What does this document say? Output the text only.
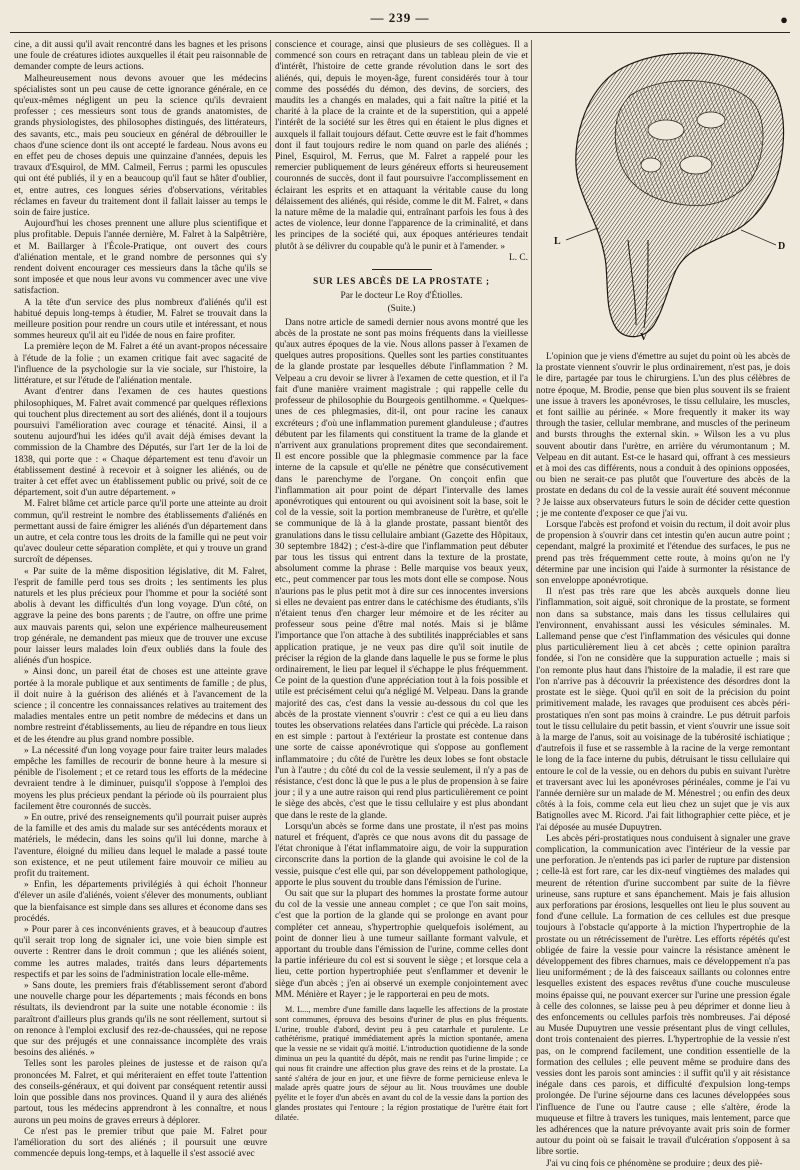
— 239 —	●

cine, a dit aussi qu'il avait rencontré dans les bagnes et les prisons une foule de créatures idiotes auxquelles il était peu raisonnable de demander compte de leurs actions.

Malheureusement nous devons avouer que les médecins spécialistes sont un peu cause de cette ignorance générale, en ce qu'eux-mêmes négligent un peu la science qu'ils devraient professer ; ces messieurs sont tous de grands anatomistes, de grands physiologistes, des philosophes distingués, des littérateurs, des savants, etc., mais peu soucieux en général de débrouiller le chaos d'une science dont ils ont accepté le fardeau. Nous avons eu en effet peu de choses depuis une quinzaine d'années, depuis les travaux d'Esquirol, de MM. Calmeil, Ferrus ; parmi les opuscules qui ont été publiés, il y en a beaucoup qu'il faut se hâter d'oublier, et, entre autres, ces longues séries d'observations, véritables réclames en faveur du traitement dont il fallait laisser au temps le soin de faire justice.

Aujourd'hui les choses prennent une allure plus scientifique et plus profitable. Depuis l'année dernière, M. Falret à la Salpêtrière, et M. Baillarger à l'École-Pratique, ont ouvert des cours d'aliénation mentale, et le grand nombre de personnes qui s'y rendent doivent encourager ces messieurs dans la tâche qu'ils se sont imposée et que nous leur avons vu commencer avec une vive satisfaction.

A la tête d'un service des plus nombreux d'aliénés qu'il est habitué depuis long-temps à étudier, M. Falret se trouvait dans la meilleure position pour rendre un cours utile et intéressant, et nous sommes heureux qu'il ait eu l'idée de nous en faire profiter.

La première leçon de M. Falret a été un avant-propos nécessaire à l'étude de la folie ; un examen critique fait avec sagacité de l'influence de la psychologie sur la vie sociale, sur l'histoire, la littérature, et sur l'étude de l'aliénation mentale.

Avant d'entrer dans l'examen de ces hautes questions philosophiques, M. Falret avait commencé par quelques réflexions qui touchent plus directement au sort des aliénés, dont il a toujours poursuivi l'amélioration avec courage et ténacité. Ainsi, il a soutenu aujourd'hui les idées qu'il avait déjà émises devant la commission de la Chambre des Députés, sur l'art 1er de la loi de 1838, qui porte que : « Chaque département est tenu d'avoir un établissement destiné à recevoir et à soigner les aliénés, ou de traiter à cet effet avec un établissement public ou privé, soit de ce département, soit d'un autre département. »

M. Falret blâme cet article parce qu'il porte une atteinte au droit commun, qu'il restreint le nombre des établissements d'aliénés en permettant aussi de faire émigrer les aliénés d'un département dans un autre, et cela contre tous les droits de la famille qui ne peut voir qu'avec douleur cette séparation complète, et qui y trouve un grand surcroît de dépenses.

« Par suite de la même disposition législative, dit M. Falret, l'esprit de famille perd tous ses droits ; les sentiments les plus naturels et les plus précieux pour l'homme et pour la société sont abolis à devant les difficultés d'un long voyage. D'un côté, on aggrave la peine des bons parents ; de l'autre, on offre une prime aux mauvais parents qui, selon une expérience malheureusement trop générale, ne demandent pas mieux que de trouver une excuse pour laisser leurs malades loin d'eux oubliés dans la foule des aliénés d'un hospice.

» Ainsi donc, un pareil état de choses est une atteinte grave portée à la morale publique et aux sentiments de famille ; de plus, il doit nuire à la guérison des aliénés et à l'avancement de la science ; il concentre les connaissances relatives au traitement des maladies mentales entre un petit nombre de médecins et dans un nombre restreint d'établissements, au lieu de répandre en tous lieux et de les étendre au plus grand nombre possible.

» La nécessité d'un long voyage pour faire traiter leurs malades empêche les familles de recourir de bonne heure à la mesure si pénible de l'isolement ; et ce retard tous les efforts de la médecine devraient tendre à le diminuer, puisqu'il s'oppose à l'emploi des moyens les plus précieux pendant la période où ils pourraient plus facilement être couronnés de succès.

» En outre, privé des renseignements qu'il pourrait puiser auprès de la famille et des amis du malade sur ses antécédents moraux et matériels, le médecin, dans les soins qu'il lui donne, marche à l'aventure, éloigné du milieu dans lequel le malade a passé toute son existence, et ne peut utilement faire mouvoir ce milieu au profit du traitement.

» Enfin, les départements privilégiés à qui échoit l'honneur d'élever un asile d'aliénés, voient s'élever des monuments, oubliant que la bienfaisance est simple dans ses allures et économe dans ses procédés.

» Pour parer à ces inconvénients graves, et à beaucoup d'autres qu'il serait trop long de signaler ici, une voie bien simple est ouverte : Rentrer dans le droit commun ; que les aliénés soient, comme les autres malades, traités dans leurs départements respectifs et par les soins de l'administration locale elle-même.

» Sans doute, les premiers frais d'établissement seront d'abord une nouvelle charge pour les départements ; mais féconds en bons résultats, ils deviendront par la suite une notable économie : ils paraîtront d'ailleurs plus grands qu'ils ne sont réellement, surtout si on renonce à l'emploi exclusif des rez-de-chaussées, qui ne repose que sur des préjugés et une connaissance incomplète des vrais besoins des aliénés. »

Telles sont les paroles pleines de justesse et de raison qu'a prononcées M. Falret, et qui mériteraient en effet toute l'attention des conseils-généraux, et qui doivent par conséquent retentir aussi loin que possible dans nos provinces. Quand il y aura des aliénés partout, tous les médecins apprendront à les connaître, et nous aurons un peu moins de graves erreurs à déplorer.

Ce n'est pas le premier tribut que paie M. Falret pour l'amélioration du sort des aliénés ; il poursuit une œuvre commencée depuis long-temps, et à laquelle il s'est associé avec

conscience et courage, ainsi que plusieurs de ses collègues. Il a commencé son cours en retraçant dans un tableau plein de vie et d'intérêt, l'histoire de cette grande révolution dans le sort des aliénés, qui, depuis le moyen-âge, furent considérés tour à tour comme des possédés du démon, des devins, de sorciers, des maudits les a changés en malades, qui a fait naître la pitié et la charité à la place de la crainte et de la superstition, qui a appelé l'intérêt de la société sur les êtres qui en étaient le plus dignes et auxquels il fallait toujours défaut. Cette œuvre est le fait d'hommes dont il faut toujours redire le nom quand on parle des aliénés ; Pinel, Esquirol, M. Ferrus, que M. Falret a rappelé pour les remercier publiquement de leurs généreux efforts si heureusement couronnés de succès, dont il faut poursuivre l'accomplissement en éclairant les esprits et en attaquant la véritable cause du long délaissement des aliénés, qui réside, comme le dit M. Falret, « dans la nature même de la maladie qui, entraînant parfois les fous à des actes de violence, leur donne l'apparence de la criminalité, et dans les principes de la société qui, aux époques antérieures tendait plutôt à se délivrer du coupable qu'à le punir et à l'amender. »

L. C.
SUR LES ABCÈS DE LA PROSTATE ;
Par le docteur Le Roy d'Étiolles.
(Suite.)

Dans notre article de samedi dernier nous avons montré que les abcès de la prostate ne sont pas moins fréquents dans la vieillesse qu'aux autres époques de la vie. Nous allons passer à l'examen de quelques autres propositions. Quelles sont les parties constituantes de la glande prostate par lesquelles débute l'inflammation ? M. Velpeau a cru devoir se livrer à l'examen de cette question, et il l'a fait d'une manière vraiment magistrale ; qui rappelle celle du professeur de philosophie du Bourgeois gentilhomme. « Quelques-unes de ces phlegmasies, dit-il, ont pour racine les canaux excréteurs ; d'où une inflammation purement glanduleuse ; d'autres débutent par les filaments qui constituent la trame de la glande et n'arrivent aux granulations proprement dites que secondairement. Il est encore possible que la phlegmasie commence par la face interne de la capsule et qu'elle ne pénètre que consécutivement dans le parenchyme de l'organe. On conçoit enfin que l'inflammation ait pour point de départ l'intervalle des lames aponévrotiques qui entourent ou qui avoisinent soit la base, soit le col de la vessie, soit la portion membraneuse de l'urètre, et qu'elle se communique de là à la glande prostate, passant bientôt des granulations dans le tissu cellulaire ambiant (Gazette des Hôpitaux, 30 septembre 1842) ; c'est-à-dire que l'inflammation peut débuter par tous les tissus qui entrent dans la texture de la prostate, absolument comme la phrase : Belle marquise vos beaux yeux, etc., peut commencer par tous les mots dont elle se compose. Nous n'aurions pas le plus petit mot à dire sur ces innocentes inversions si elles ne devaient pas entrer dans le catéchisme des étudiants, s'ils n'étaient tenus d'en charger leur mémoire et de les réciter au professeur sous peine d'être mal notés. Mais si je blâme l'importance que l'on attache à des subtilités inappréciables et sans application pratique, je ne veux pas dire qu'il soit inutile de préciser la région de la glande dans laquelle le pus se forme le plus ordinairement, le lieu par lequel il s'échappe le plus fréquemment. Ce point de la question d'une appréciation tout à la fois possible et utile est précisément celui qu'a négligé M. Velpeau. Dans la grande majorité des cas, c'est dans la vessie au-dessous du col que les abcès de la prostate viennent s'ouvrir : c'est ce qui a eu lieu dans toutes les observations relatées dans l'article qui précède. La raison en est simple : partout à l'extérieur la prostate est contenue dans une sorte de caisse aponévrotique qui s'oppose au gonflement inflammatoire ; du côté de l'urètre les deux lobes se font obstacle l'un à l'autre ; du côté du col de la vessie seulement, il n'y a pas de résistance, c'est donc là que le pus a le plus de propension à se faire jour ; il y a une autre raison qui rend plus particulièrement ce point le siège des abcès, c'est que le tissu cellulaire y est plus abondant que dans le reste de la glande.

Lorsqu'un abcès se forme dans une prostate, il n'est pas moins naturel et fréquent, d'après ce que nous avons dit du passage de l'état chronique à l'état inflammatoire aigu, de voir la suppuration circonscrite dans la portion de la glande qui avoisine le col de la vessie, puisque c'est elle qui, par son développement pathologique, apporte le plus souvent du trouble dans l'émission de l'urine.

Ou sait que sur la plupart des hommes la prostate forme autour du col de la vessie une anneau complet ; ce que l'on sait moins, c'est que la portion de la glande qui se prolonge en avant pour compléter cet anneau, s'hypertrophie quelquefois isolément, au point de donner lieu à une tumeur saillante formant valvule, et apportant du trouble dans l'émission de l'urine, comme celles dont la partie inférieure du col est si souvent le siège ; et lorsque cela a lieu, cette portion hypertrophiée peut s'enflammer et devenir le siège d'un abcès ; j'en ai observé un exemple conjointement avec MM. Ménière et Rayer ; je le rapporterai en peu de mots.

M. L..., membre d'une famille dans laquelle les affections de la prostate sont communes, éprouva des besoins d'uriner de plus en plus fréquents. L'urine, trouble d'abord, devint peu à peu catarrhale et purulente. Le cathétérisme, pratiqué immédiatement après la miction spontanée, amena que la vessie ne se vidait qu'à moitié. L'introduction quotidienne de la sonde diminua un peu la quantité du dépôt, mais ne rendit pas l'urine limpide ; ce qui nous fit craindre une affection plus grave des reins et de la prostate. La santé s'altéra de jour en jour, et une fièvre de forme pernicieuse enleva le malade après quatre jours de séjour au lit. Nous trouvâmes une double pyélite et le foyer d'un abcès en avant du col de la vessie dans la portion des glandes prostates qui l'entoure ; la région prostatique de l'urètre était fort dilatée.
L	D
V

L'opinion que je viens d'émettre au sujet du point où les abcès de la prostate viennent s'ouvrir le plus ordinairement, n'est pas, je dois le dire, partagée par tous le chirurgiens. L'un des plus célèbres de notre époque, M. Brodie, pense que bien plus souvent ils se fraient une issue à travers les aponévroses, le tissu cellulaire, les muscles, et font saillie au périnée. « More frequently it maker its way through the tasier, cellular membrane, and muscles of the perineum and bursts throughs the external skin. » Wilson les a vu plus souvent aboutir dans l'urètre, en arrière du vérumontanum ; M. Velpeau en dit autant. Est-ce le hasard qui, offrant à ces messieurs et à moi des cas différents, nous a conduit à des opinions opposées, ou bien ne serait-ce pas plutôt que l'ouverture des abcès de la prostate en dedans du col de la vessie aurait été souvent méconnue ? Je laisse aux observateurs futurs le soin de décider cette question ; je me contente d'exposer ce que j'ai vu.

Lorsque l'abcès est profond et voisin du rectum, il doit avoir plus de propension à s'ouvrir dans cet intestin qu'en aucun autre point ; cependant, malgré la proximité et l'étendue des surfaces, le pus ne prend pas très fréquemment cette route, à moins qu'on ne l'y détermine par une incision qui l'aide à surmonter la résistance de son enveloppe aponévrotique.

Il n'est pas très rare que les abcès auxquels donne lieu l'inflammation, soit aiguë, soit chronique de la prostate, se forment non dans sa substance, mais dans les tissus cellulaires qui l'environnent, envahissant aussi les vésicules séminales. M. Lallemand pense que c'est l'inflammation des vésicules qui donne plus particulièrement lieu à cet abcès ; cette opinion paraîtra fondée, si l'on ne considère que la suppuration actuelle ; mais si l'on remonte plus haut dans l'histoire de la maladie, il est rare que l'on n'arrive pas à découvrir la préexistence des désordres dont la prostate est le siège. Quoi qu'il en soit de la précision du point primitivement malade, les ravages que produisent ces abcès péri-prostatiques n'en sont pas moins à craindre. Le pus détruit parfois tout le tissu cellulaire du petit bassin, et vient s'ouvrir une issue soit à la marge de l'anus, soit au voisinage de la tubérosité ischiatique ; d'autrefois il fuse et se rassemble à la racine de la verge remontant le long de la face interne du pubis, détruisant le tissu cellulaire qui entoure le col de la vessie, ou en dehors du pubis en suivant l'urètre et traversant avec lui les aponévroses périnéales, comme je l'ai vu l'année dernière sur un malade de M. Ménestrel ; ou enfin des deux côtés à la fois, comme cela eut lieu chez un sujet que je vis aux Batignolles avec M. Ricord. J'ai fait lithographier cette pièce, et je l'ai déposée au musée Dupuytren.

Les abcès péri-prostatiques nous conduisent à signaler une grave complication, la communication avec l'intérieur de la vessie par une perforation. Je n'entends pas ici parler de rupture par distension ; celle-là est fort rare, car les dix-neuf vingtièmes des malades qui meurent de rétention d'urine succombent par suite de la fièvre urineuse, sans rupture et sans épanchement. Mais je fais allusion aux perforations par érosions, lesquelles ont lieu le plus souvent au fond d'une cellule. La formation de ces cellules est due presque toujours à l'obstacle qu'apporte à la miction l'hypertrophie de la prostate ou un rétrécissement de l'urètre. Les efforts répétés qu'est obligée de faire la vessie pour vaincre la résistance amènent le développement des fibres charnues, mais ce développement n'a pas lieu uniformément ; de là des faisceaux saillants ou colonnes entre lesquelles existent des espaces revêtus d'une couche musculeuse moins épaisse qui, ne pouvant exercer sur l'urine une pression égale à celle des colonnes, se laisse peu à peu déprimer et donne lieu à des enfoncements ou cellules parfois très nombreuses. J'ai déposé au Musée Dupuytren une vessie présentant plus de vingt cellules, dont trois contenaient des pierres. L'hypertrophie de la vessie n'est pas, on le comprend facilement, une condition essentielle de la formation des cellules ; elle peuvent même se produire dans des vessies dont les parois sont amincies : il suffit qu'il y ait résistance inégale dans ces parois, et difficulté d'expulsion long-temps prolongée. De l'urine séjourne dans ces lacunes développées sous l'influence de l'une ou l'autre cause ; elle s'altère, érode la muqueuse et filtre à travers les tuniques, mais lentement, parce que les adhérences que la nature prévoyante avait pris soin de former autour du point où se faisait le travail d'ulcération s'opposent à sa libre sortie.

J'ai vu cinq fois ce phénomène se produire ; deux des piè-
